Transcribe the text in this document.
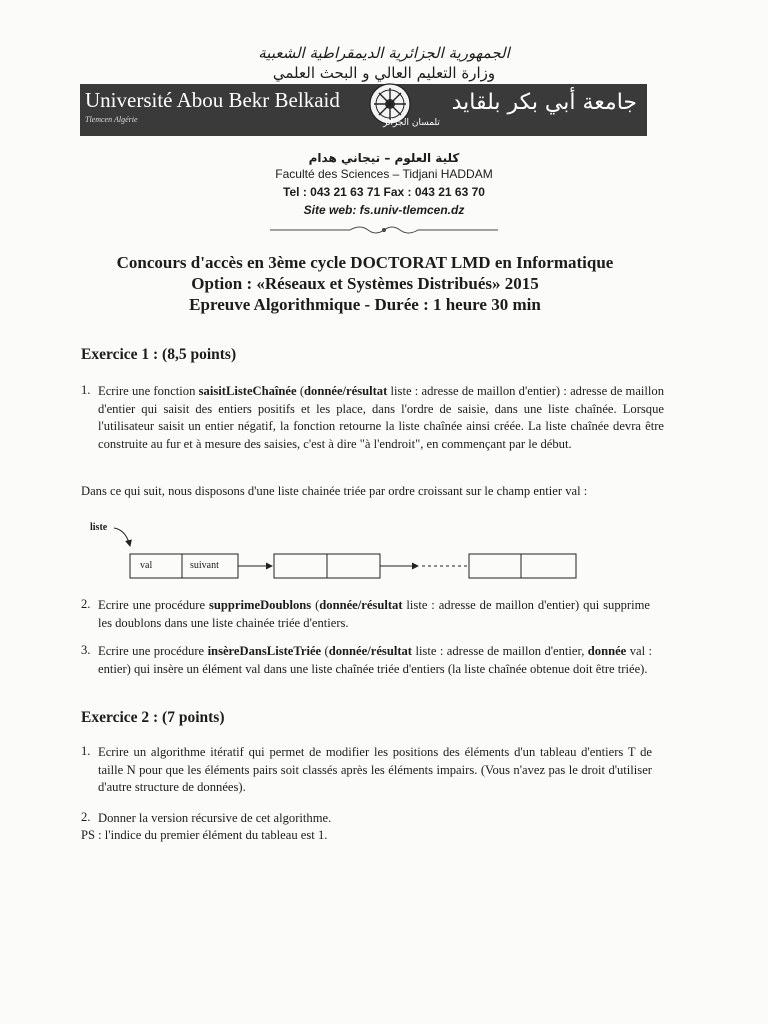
الجمهورية الجزائرية الديمقراطية الشعبية
وزارة التعليم العالي و البحث العلمي
Université Abou Bekr Belkaid
Tlemcen Algérie	تلمسان الجزائر
جامعة أبي بكر بلقايد
كلية العلوم – تيجاني هدام
Faculté des Sciences – Tidjani HADDAM
Tel : 043 21 63 71 Fax : 043 21 63 70
Site web: fs.univ-tlemcen.dz
Concours d'accès en 3ème cycle DOCTORAT LMD en Informatique
Option : «Réseaux et Systèmes Distribués» 2015
Epreuve Algorithmique - Durée : 1 heure 30 min
Exercice 1 : (8,5 points)
1. Ecrire une fonction saisitListeChaînée (donnée/résultat liste : adresse de maillon d'entier) : adresse de maillon d'entier qui saisit des entiers positifs et les place, dans l'ordre de saisie, dans une liste chaînée. Lorsque l'utilisateur saisit un entier négatif, la fonction retourne la liste chaînée ainsi créée. La liste chaînée devra être construite au fur et à mesure des saisies, c'est à dire "à l'endroit", en commençant par le début.
Dans ce qui suit, nous disposons d'une liste chainée triée par ordre croissant sur le champ entier val :
liste
val	suivant
2. Ecrire une procédure supprimeDoublons (donnée/résultat liste : adresse de maillon d'entier) qui supprime les doublons dans une liste chainée triée d'entiers.
3. Ecrire une procédure insèreDansListeTriée (donnée/résultat liste : adresse de maillon d'entier, donnée val : entier) qui insère un élément val dans une liste chaînée triée d'entiers (la liste chaînée obtenue doit être triée).
Exercice 2 : (7 points)
1. Ecrire un algorithme itératif qui permet de modifier les positions des éléments d'un tableau d'entiers T de taille N pour que les éléments pairs soit classés après les éléments impairs. (Vous n'avez pas le droit d'utiliser d'autre structure de données).
2. Donner la version récursive de cet algorithme.
PS : l'indice du premier élément du tableau est 1.
